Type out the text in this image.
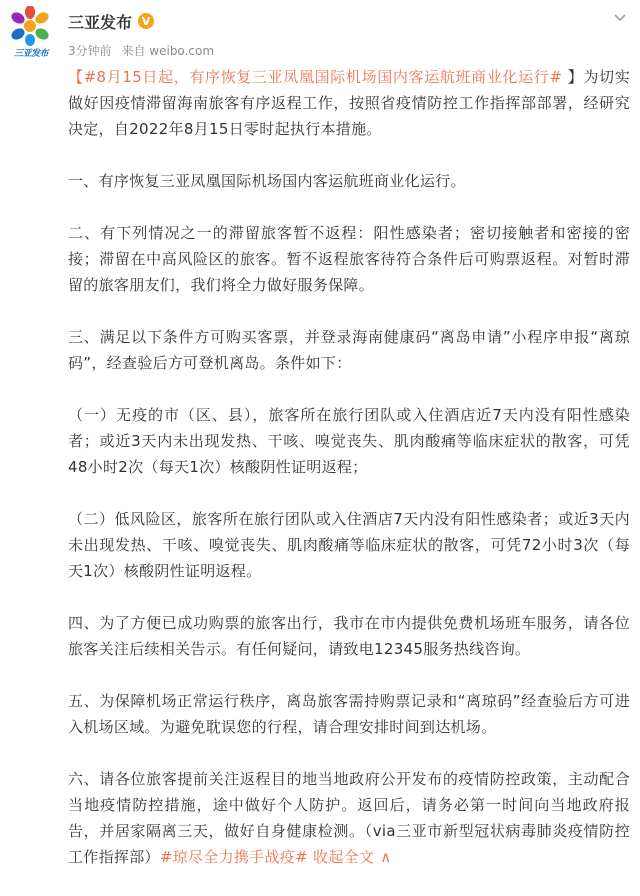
三亚发布
三亚发布 V
3分钟前 来自 weibo.com

【#8月15日起，有序恢复三亚凤凰国际机场国内客运航班商业化运行# 】为切实做好因疫情滞留海南旅客有序返程工作，按照省疫情防控工作指挥部部署，经研究决定，自2022年8月15日零时起执行本措施。

一、有序恢复三亚凤凰国际机场国内客运航班商业化运行。

二、有下列情况之一的滞留旅客暂不返程：阳性感染者；密切接触者和密接的密接；滞留在中高风险区的旅客。暂不返程旅客待符合条件后可购票返程。对暂时滞留的旅客朋友们，我们将全力做好服务保障。

三、满足以下条件方可购买客票，并登录海南健康码“离岛申请”小程序申报“离琼码”，经查验后方可登机离岛。条件如下：

（一）无疫的市（区、县），旅客所在旅行团队或入住酒店近7天内没有阳性感染者；或近3天内未出现发热、干咳、嗅觉丧失、肌肉酸痛等临床症状的散客，可凭48小时2次（每天1次）核酸阴性证明返程；

（二）低风险区，旅客所在旅行团队或入住酒店7天内没有阳性感染者；或近3天内未出现发热、干咳、嗅觉丧失、肌肉酸痛等临床症状的散客，可凭72小时3次（每天1次）核酸阴性证明返程。

四、为了方便已成功购票的旅客出行，我市在市内提供免费机场班车服务，请各位旅客关注后续相关告示。有任何疑问，请致电12345服务热线咨询。

五、为保障机场正常运行秩序，离岛旅客需持购票记录和“离琼码”经查验后方可进入机场区域。为避免耽误您的行程，请合理安排时间到达机场。

六、请各位旅客提前关注返程目的地当地政府公开发布的疫情防控政策，主动配合当地疫情防控措施，途中做好个人防护。返回后，请务必第一时间向当地政府报告，并居家隔离三天，做好自身健康检测。（via三亚市新型冠状病毒肺炎疫情防控工作指挥部）#琼尽全力携手战疫# 收起全文 ∧
